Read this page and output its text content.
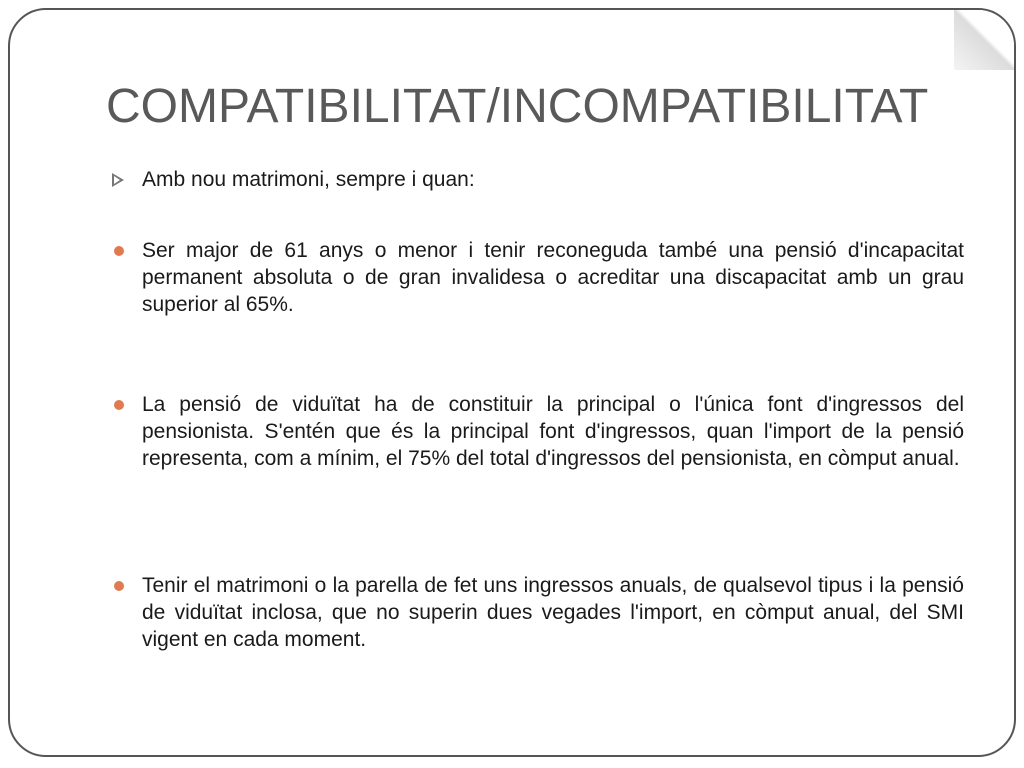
COMPATIBILITAT/INCOMPATIBILITAT
Amb nou matrimoni, sempre i quan:
Ser major de 61 anys o menor i tenir reconeguda també una pensió d'incapacitat permanent absoluta o de gran invalidesa o acreditar una discapacitat amb un grau superior al 65%.
La pensió de viduïtat ha de constituir la principal o l'única font d'ingressos del pensionista. S'entén que és la principal font d'ingressos, quan l'import de la pensió representa, com a mínim, el 75% del total d'ingressos del pensionista, en còmput anual.
Tenir el matrimoni o la parella de fet uns ingressos anuals, de qualsevol tipus i la pensió de viduïtat inclosa, que no superin dues vegades l'import, en còmput anual, del SMI vigent en cada moment.
